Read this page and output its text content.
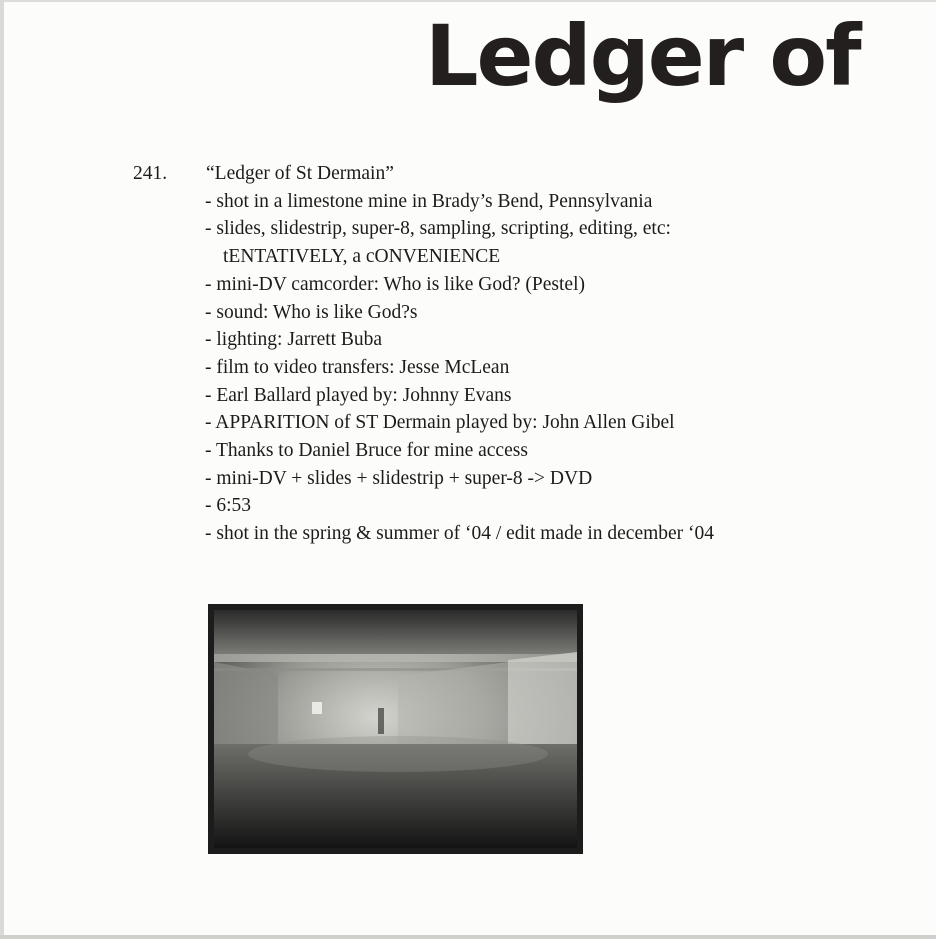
Ledger of
241. “Ledger of St Dermain”
- shot in a limestone mine in Brady’s Bend, Pennsylvania
- slides, slidestrip, super-8, sampling, scripting, editing, etc:
tENTATIVELY, a cONVENIENCE
- mini-DV camcorder: Who is like God? (Pestel)
- sound: Who is like God?s
- lighting: Jarrett Buba
- film to video transfers: Jesse McLean
- Earl Ballard played by: Johnny Evans
- APPARITION of ST Dermain played by: John Allen Gibel
- Thanks to Daniel Bruce for mine access
- mini-DV + slides + slidestrip + super-8 -> DVD
- 6:53
- shot in the spring & summer of ‘04 / edit made in december ‘04
